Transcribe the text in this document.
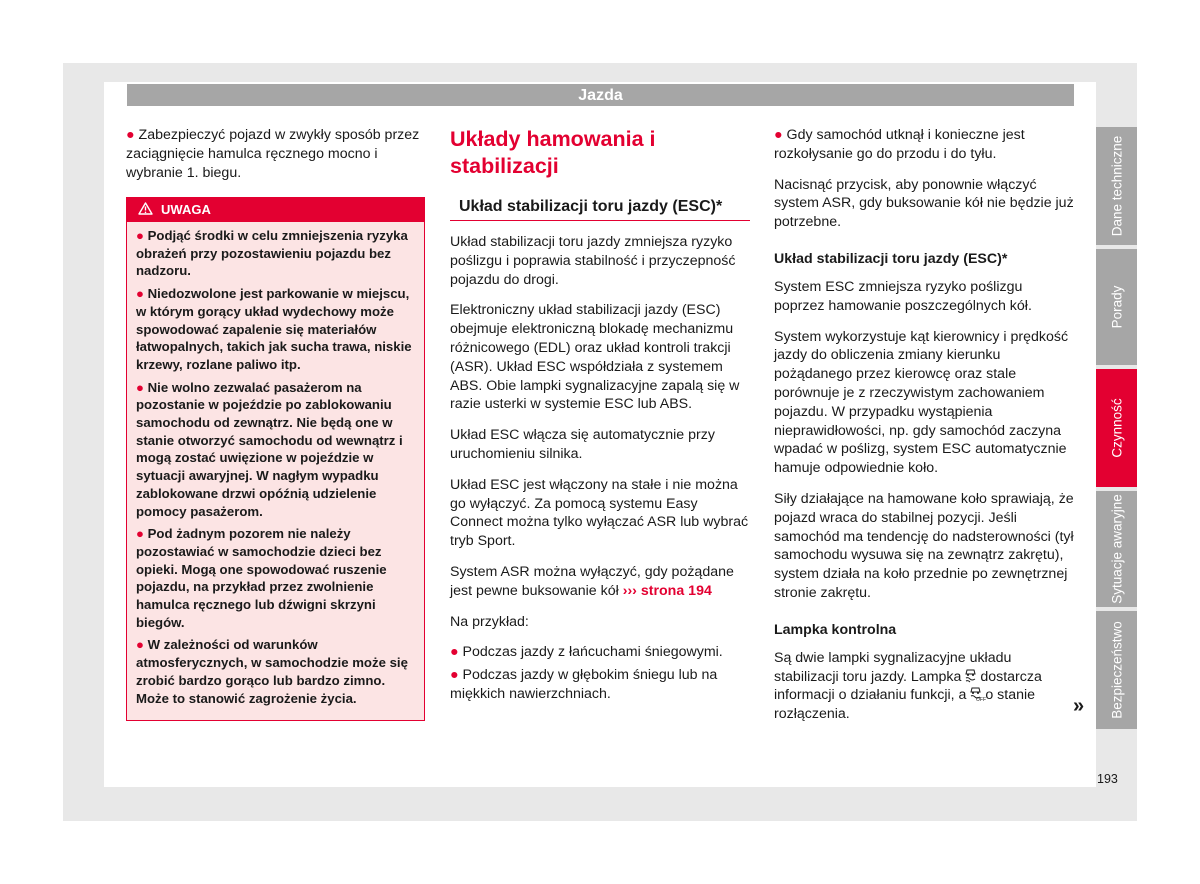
Jazda

● Zabezpieczyć pojazd w zwykły sposób przez zaciągnięcie hamulca ręcznego mocno i wybranie 1. biegu.

UWAGA

● Podjąć środki w celu zmniejszenia ryzyka obrażeń przy pozostawieniu pojazdu bez nadzoru.

● Niedozwolone jest parkowanie w miejscu, w którym gorący układ wydechowy może spowodować zapalenie się materiałów łatwopalnych, takich jak sucha trawa, niskie krzewy, rozlane paliwo itp.

● Nie wolno zezwalać pasażerom na pozostanie w pojeździe po zablokowaniu samochodu od zewnątrz. Nie będą one w stanie otworzyć samochodu od wewnątrz i mogą zostać uwięzione w pojeździe w sytuacji awaryjnej. W nagłym wypadku zablokowane drzwi opóźnią udzielenie pomocy pasażerom.

● Pod żadnym pozorem nie należy pozostawiać w samochodzie dzieci bez opieki. Mogą one spowodować ruszenie pojazdu, na przykład przez zwolnienie hamulca ręcznego lub dźwigni skrzyni biegów.

● W zależności od warunków atmosferycznych, w samochodzie może się zrobić bardzo gorąco lub bardzo zimno. Może to stanowić zagrożenie życia.

Układy hamowania i stabilizacji
Układ stabilizacji toru jazdy (ESC)*

Układ stabilizacji toru jazdy zmniejsza ryzyko poślizgu i poprawia stabilność i przyczepność pojazdu do drogi.

Elektroniczny układ stabilizacji jazdy (ESC) obejmuje elektroniczną blokadę mechanizmu różnicowego (EDL) oraz układ kontroli trakcji (ASR). Układ ESC współdziała z systemem ABS. Obie lampki sygnalizacyjne zapalą się w razie usterki w systemie ESC lub ABS.

Układ ESC włącza się automatycznie przy uruchomieniu silnika.

Układ ESC jest włączony na stałe i nie można go wyłączyć. Za pomocą systemu Easy Connect można tylko wyłączać ASR lub wybrać tryb Sport.

System ASR można wyłączyć, gdy pożądane jest pewne buksowanie kół ››› strona 194

Na przykład:

● Podczas jazdy z łańcuchami śniegowymi.

● Podczas jazdy w głębokim śniegu lub na miękkich nawierzchniach.

● Gdy samochód utknął i konieczne jest rozkołysanie go do przodu i do tyłu.

Nacisnąć przycisk, aby ponownie włączyć system ASR, gdy buksowanie kół nie będzie już potrzebne.

Układ stabilizacji toru jazdy (ESC)*

System ESC zmniejsza ryzyko poślizgu poprzez hamowanie poszczególnych kół.

System wykorzystuje kąt kierownicy i prędkość jazdy do obliczenia zmiany kierunku pożądanego przez kierowcę oraz stale porównuje je z rzeczywistym zachowaniem pojazdu. W przypadku wystąpienia nieprawidłowości, np. gdy samochód zaczyna wpadać w poślizg, system ESC automatycznie hamuje odpowiednie koło.

Siły działające na hamowane koło sprawiają, że pojazd wraca do stabilnej pozycji. Jeśli samochód ma tendencję do nadsterowności (tył samochodu wysuwa się na zewnątrz zakrętu), system działa na koło przednie po zewnętrznej stronie zakrętu.

Lampka kontrolna

Są dwie lampki sygnalizacyjne układu stabilizacji toru jazdy. Lampka dostarcza informacji o działaniu funkcji, a OFF
o stanie rozłączenia.	»
Dane techniczne
Porady
Czynność
Sytuacje awaryjne
Bezpieczeństwo
193
